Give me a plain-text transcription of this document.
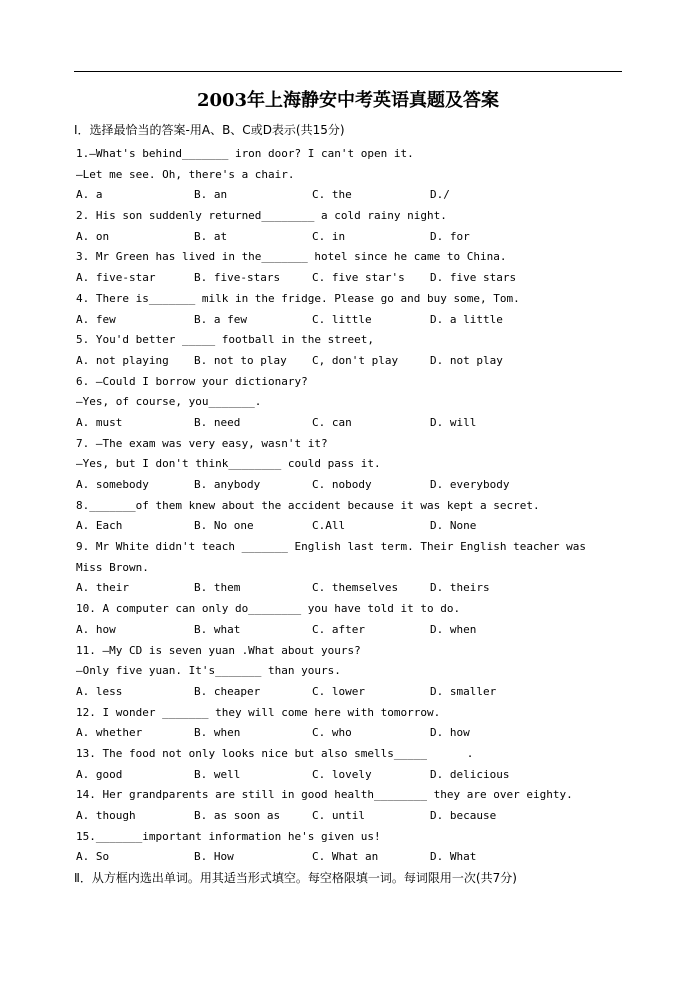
2003年上海静安中考英语真题及答案
I．选择最恰当的答案-用A、B、C或D表示(共15分)
1.—What's behind_______ iron door? I can't open it.
—Let me see. Oh, there's a chair.
A. a	B. an	C. the	D./
2. His son suddenly returned________ a cold rainy night.
A. on	B. at	C. in	D. for
3. Mr Green has lived in the_______ hotel since he came to China.
A. five-star	B. five-stars	C. five star's	D. five stars
4. There is_______ milk in the fridge. Please go and buy some, Tom.
A. few	B. a few	C. little	D. a little
5. You'd better _____ football in the street,
A. not playing	B. not to play	C, don't play	D. not play
6. —Could I borrow your dictionary?
—Yes, of course, you_______.
A. must	B. need	C. can	D. will
7. —The exam was very easy, wasn't it?
—Yes, but I don't think________ could pass it.
A. somebody	B. anybody	C. nobody	D. everybody
8._______of them knew about the accident because it was kept a secret.
A. Each	B. No one	C.All	D. None
9. Mr White didn't teach _______ English last term. Their English teacher was
Miss Brown.
A. their	B. them	C. themselves	D. theirs
10. A computer can only do________ you have told it to do.
A. how	B. what	C. after	D. when
11. —My CD is seven yuan .What about yours?
—Only five yuan. It's_______ than yours.
A. less	B. cheaper	C. lower	D. smaller
12. I wonder _______ they will come here with tomorrow.
A. whether	B. when	C. who	D. how
13. The food not only looks nice but also smells_____      .
A. good	B. well	C. lovely	D. delicious
14. Her grandparents are still in good health________ they are over eighty.
A. though	B. as soon as	C. until	D. because
15._______important information he's given us!
A. So	B. How	C. What an	D. What
Ⅱ．从方框内选出单词。用其适当形式填空。每空格限填一词。每词限用一次(共7分)
